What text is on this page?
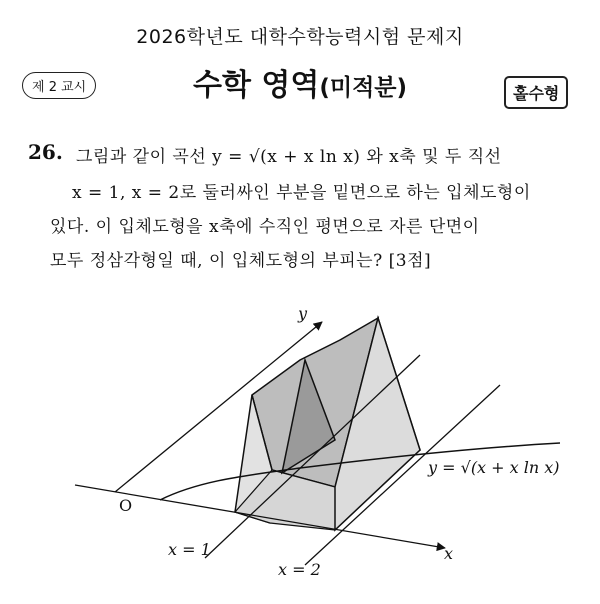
2026학년도 대학수학능력시험 문제지
제 2 교시	수학 영역(미적분)	홀수형
26. 그림과 같이 곡선 y = √(x + x ln x) 와 x축 및 두 직선
x = 1, x = 2로 둘러싸인 부분을 밑면으로 하는 입체도형이
있다. 이 입체도형을 x축에 수직인 평면으로 자른 단면이
모두 정삼각형일 때, 이 입체도형의 부피는? [3점]
y
x
O
y = √(x + x ln x)
x = 1
x = 2
